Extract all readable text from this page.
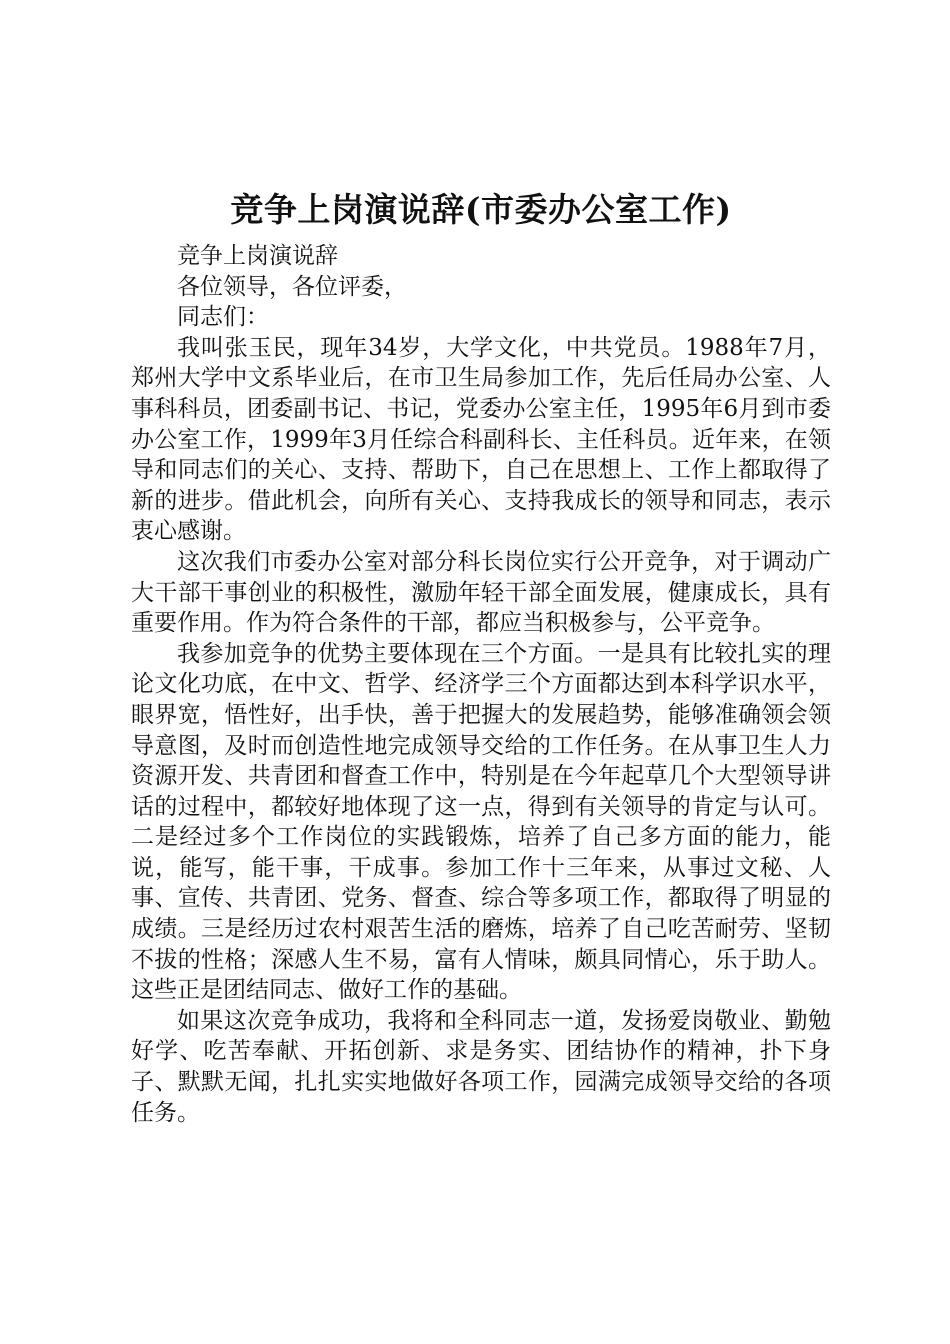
竞争上岗演说辞(市委办公室工作)

竞争上岗演说辞

各位领导，各位评委，

同志们：

我叫张玉民，现年34岁，大学文化，中共党员。1988年7月，郑州大学中文系毕业后，在市卫生局参加工作，先后任局办公室、人事科科员，团委副书记、书记，党委办公室主任，1995年6月到市委办公室工作，1999年3月任综合科副科长、主任科员。近年来，在领导和同志们的关心、支持、帮助下，自己在思想上、工作上都取得了新的进步。借此机会，向所有关心、支持我成长的领导和同志，表示衷心感谢。

这次我们市委办公室对部分科长岗位实行公开竞争，对于调动广大干部干事创业的积极性，激励年轻干部全面发展，健康成长，具有重要作用。作为符合条件的干部，都应当积极参与，公平竞争。

我参加竞争的优势主要体现在三个方面。一是具有比较扎实的理论文化功底，在中文、哲学、经济学三个方面都达到本科学识水平，眼界宽，悟性好，出手快，善于把握大的发展趋势，能够准确领会领导意图，及时而创造性地完成领导交给的工作任务。在从事卫生人力资源开发、共青团和督查工作中，特别是在今年起草几个大型领导讲话的过程中，都较好地体现了这一点，得到有关领导的肯定与认可。二是经过多个工作岗位的实践锻炼，培养了自己多方面的能力，能说，能写，能干事，干成事。参加工作十三年来，从事过文秘、人事、宣传、共青团、党务、督查、综合等多项工作，都取得了明显的成绩。三是经历过农村艰苦生活的磨炼，培养了自己吃苦耐劳、坚韧不拔的性格；深感人生不易，富有人情味，颇具同情心，乐于助人。这些正是团结同志、做好工作的基础。

如果这次竞争成功，我将和全科同志一道，发扬爱岗敬业、勤勉好学、吃苦奉献、开拓创新、求是务实、团结协作的精神，扑下身子、默默无闻，扎扎实实地做好各项工作，园满完成领导交给的各项任务。
